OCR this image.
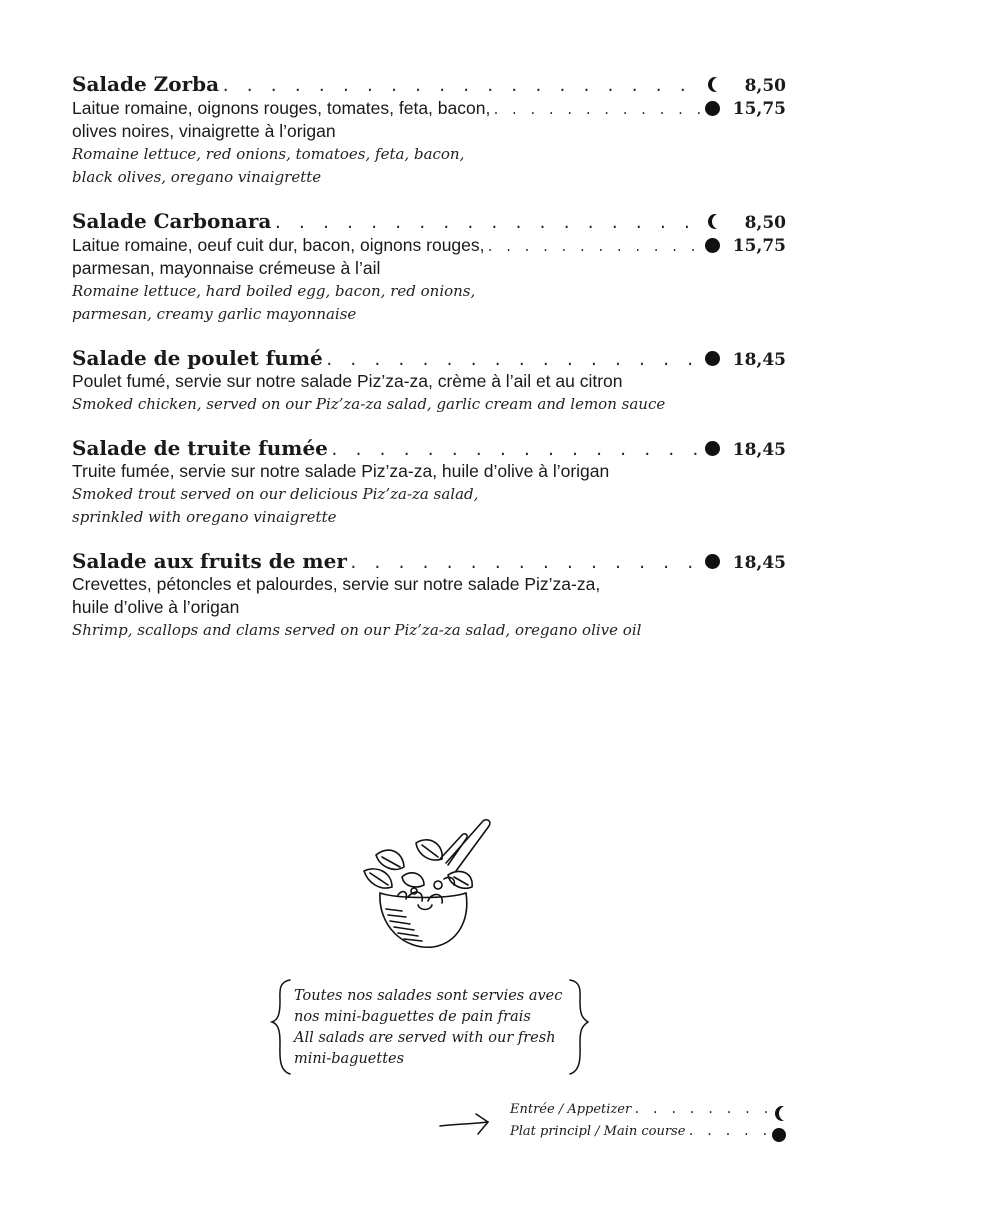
Salade Zorba . . .	8,50
Laitue romaine, oignons rouges, tomates, feta, bacon, . . .	15,75
olives noires, vinaigrette à l’origan
Romaine lettuce, red onions, tomatoes, feta, bacon,
black olives, oregano vinaigrette
Salade Carbonara . . .	8,50
Laitue romaine, oeuf cuit dur, bacon, oignons rouges, . . .	15,75
parmesan, mayonnaise crémeuse à l’ail
Romaine lettuce, hard boiled egg, bacon, red onions,
parmesan, creamy garlic mayonnaise
Salade de poulet fumé . . .	18,45
Poulet fumé, servie sur notre salade Piz’za-za, crème à l’ail et au citron
Smoked chicken, served on our Piz’za-za salad, garlic cream and lemon sauce
Salade de truite fumée . . .	18,45
Truite fumée, servie sur notre salade Piz’za-za, huile d’olive à l’origan
Smoked trout served on our delicious Piz’za-za salad,
sprinkled with oregano vinaigrette
Salade aux fruits de mer . . .	18,45
Crevettes, pétoncles et palourdes, servie sur notre salade Piz’za-za,
huile d’olive à l’origan
Shrimp, scallops and clams served on our Piz’za-za salad, oregano olive oil
Toutes nos salades sont servies avec
nos mini-baguettes de pain frais
All salads are served with our fresh
mini-baguettes
Entrée / Appetizer
. . .
Plat principl / Main course
. . .
